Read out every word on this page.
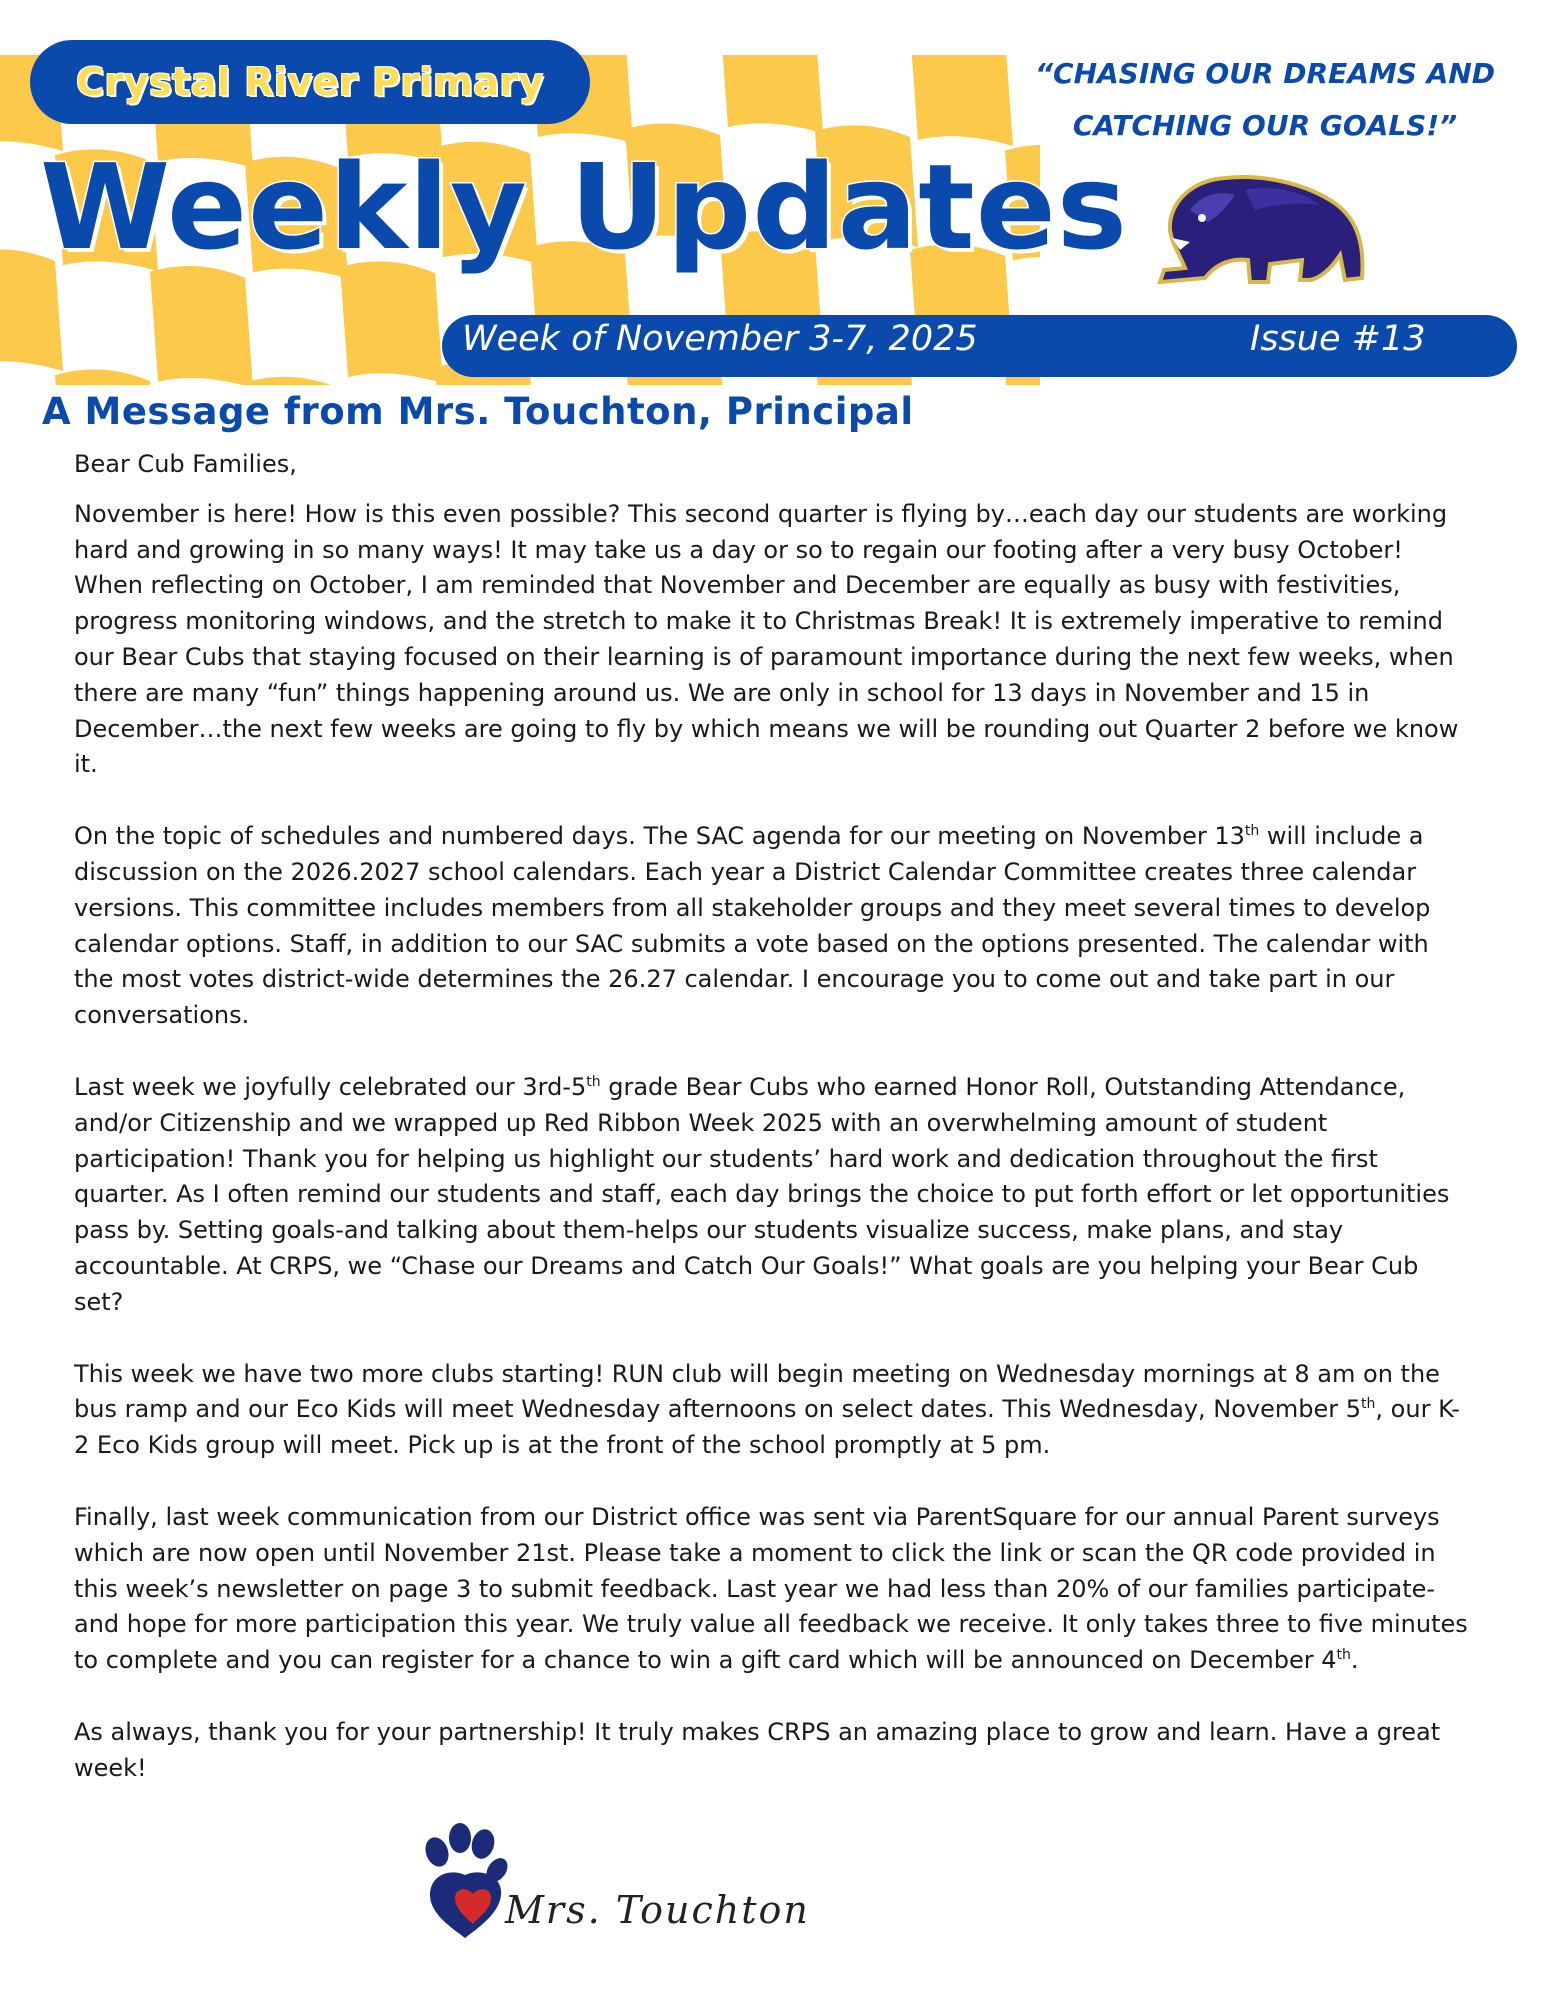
Crystal River Primary
Weekly Updates
“CHASING OUR DREAMS AND
CATCHING OUR GOALS!”
Week of November 3-7, 2025	Issue #13
A Message from Mrs. Touchton, Principal

Bear Cub Families,

November is here! How is this even possible? This second quarter is flying by…each day our students are working hard and growing in so many ways! It may take us a day or so to regain our footing after a very busy October! When reflecting on October, I am reminded that November and December are equally as busy with festivities, progress monitoring windows, and the stretch to make it to Christmas Break! It is extremely imperative to remind our Bear Cubs that staying focused on their learning is of paramount importance during the next few weeks, when there are many “fun” things happening around us. We are only in school for 13 days in November and 15 in December…the next few weeks are going to fly by which means we will be rounding out Quarter 2 before we know it.

On the topic of schedules and numbered days. The SAC agenda for our meeting on November 13th will include a discussion on the 2026.2027 school calendars. Each year a District Calendar Committee creates three calendar versions. This committee includes members from all stakeholder groups and they meet several times to develop calendar options. Staff, in addition to our SAC submits a vote based on the options presented. The calendar with the most votes district-wide determines the 26.27 calendar. I encourage you to come out and take part in our conversations.

Last week we joyfully celebrated our 3rd-5th grade Bear Cubs who earned Honor Roll, Outstanding Attendance, and/or Citizenship and we wrapped up Red Ribbon Week 2025 with an overwhelming amount of student participation! Thank you for helping us highlight our students’ hard work and dedication throughout the first quarter. As I often remind our students and staff, each day brings the choice to put forth effort or let opportunities pass by. Setting goals-and talking about them-helps our students visualize success, make plans, and stay accountable. At CRPS, we “Chase our Dreams and Catch Our Goals!” What goals are you helping your Bear Cub set?

This week we have two more clubs starting! RUN club will begin meeting on Wednesday mornings at 8 am on the bus ramp and our Eco Kids will meet Wednesday afternoons on select dates. This Wednesday, November 5th, our K-2 Eco Kids group will meet. Pick up is at the front of the school promptly at 5 pm.

Finally, last week communication from our District office was sent via ParentSquare for our annual Parent surveys which are now open until November 21st. Please take a moment to click the link or scan the QR code provided in this week’s newsletter on page 3 to submit feedback. Last year we had less than 20% of our families participate- and hope for more participation this year. We truly value all feedback we receive. It only takes three to five minutes to complete and you can register for a chance to win a gift card which will be announced on December 4th.

As always, thank you for your partnership! It truly makes CRPS an amazing place to grow and learn. Have a great week!

Mrs. Touchton
